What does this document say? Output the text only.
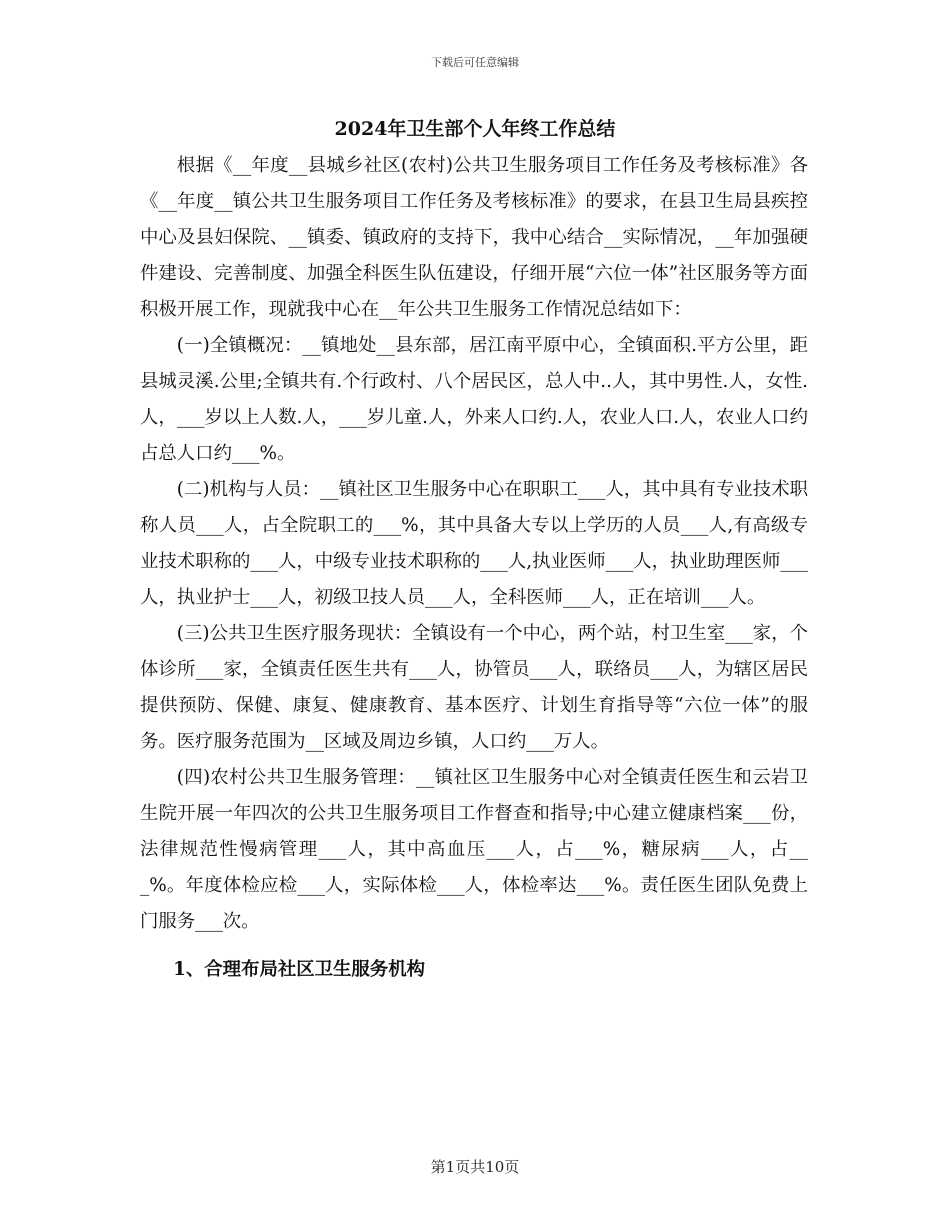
下载后可任意编辑
2024年卫生部个人年终工作总结

根据《__年度__县城乡社区(农村)公共卫生服务项目工作任务及考核标准》各《__年度__镇公共卫生服务项目工作任务及考核标准》的要求，在县卫生局县疾控中心及县妇保院、__镇委、镇政府的支持下，我中心结合__实际情况，__年加强硬件建设、完善制度、加强全科医生队伍建设，仔细开展“六位一体”社区服务等方面积极开展工作，现就我中心在__年公共卫生服务工作情况总结如下：

(一)全镇概况：__镇地处__县东部，居江南平原中心，全镇面积.平方公里，距县城灵溪.公里;全镇共有.个行政村、八个居民区，总人中..人，其中男性.人，女性.人，___岁以上人数.人，___岁儿童.人，外来人口约.人，农业人口.人，农业人口约占总人口约___%。

(二)机构与人员：__镇社区卫生服务中心在职职工___人，其中具有专业技术职称人员___人，占全院职工的___%，其中具备大专以上学历的人员___人,有高级专业技术职称的___人，中级专业技术职称的___人,执业医师___人，执业助理医师___人，执业护士___人，初级卫技人员___人，全科医师___人，正在培训___人。

(三)公共卫生医疗服务现状：全镇设有一个中心，两个站，村卫生室___家，个体诊所___家，全镇责任医生共有___人，协管员___人，联络员___人，为辖区居民提供预防、保健、康复、健康教育、基本医疗、计划生育指导等“六位一体”的服务。医疗服务范围为__区域及周边乡镇，人口约___万人。

(四)农村公共卫生服务管理：__镇社区卫生服务中心对全镇责任医生和云岩卫生院开展一年四次的公共卫生服务项目工作督查和指导;中心建立健康档案___份，法律规范性慢病管理___人，其中高血压___人，占___%，糖尿病___人，占___%。年度体检应检___人，实际体检___人，体检率达___%。责任医生团队免费上门服务___次。

1、合理布局社区卫生服务机构
第1页共10页
